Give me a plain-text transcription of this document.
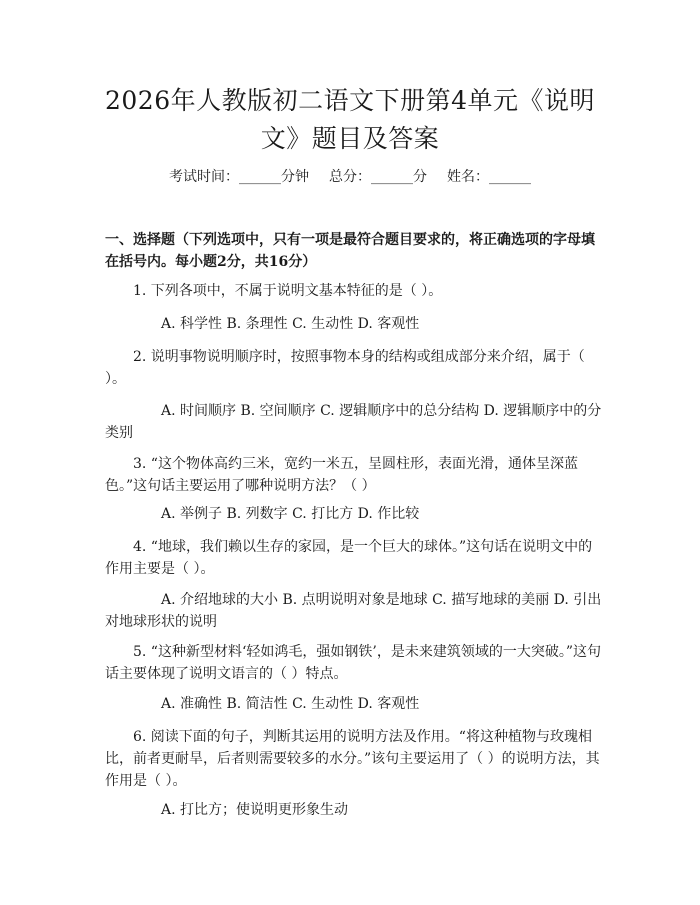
2026年人教版初二语文下册第4单元《说明文》题目及答案
考试时间：______分钟 总分：______分 姓名：______
一、选择题（下列选项中，只有一项是最符合题目要求的，将正确选项的字母填在括号内。每小题2分，共16分）
1. 下列各项中，不属于说明文基本特征的是（ ）。
A. 科学性 B. 条理性 C. 生动性 D. 客观性
2. 说明事物说明顺序时，按照事物本身的结构或组成部分来介绍，属于（ ）。
A. 时间顺序 B. 空间顺序 C. 逻辑顺序中的总分结构 D. 逻辑顺序中的分类别
3. “这个物体高约三米，宽约一米五，呈圆柱形，表面光滑，通体呈深蓝色。”这句话主要运用了哪种说明方法？（ ）
A. 举例子 B. 列数字 C. 打比方 D. 作比较
4. “地球，我们赖以生存的家园，是一个巨大的球体。”这句话在说明文中的作用主要是（ ）。
A. 介绍地球的大小 B. 点明说明对象是地球 C. 描写地球的美丽 D. 引出对地球形状的说明
5. “这种新型材料‘轻如鸿毛，强如钢铁’，是未来建筑领域的一大突破。”这句话主要体现了说明文语言的（ ）特点。
A. 准确性 B. 简洁性 C. 生动性 D. 客观性
6. 阅读下面的句子，判断其运用的说明方法及作用。“将这种植物与玫瑰相比，前者更耐旱，后者则需要较多的水分。”该句主要运用了（ ）的说明方法，其作用是（ ）。
A. 打比方；使说明更形象生动
